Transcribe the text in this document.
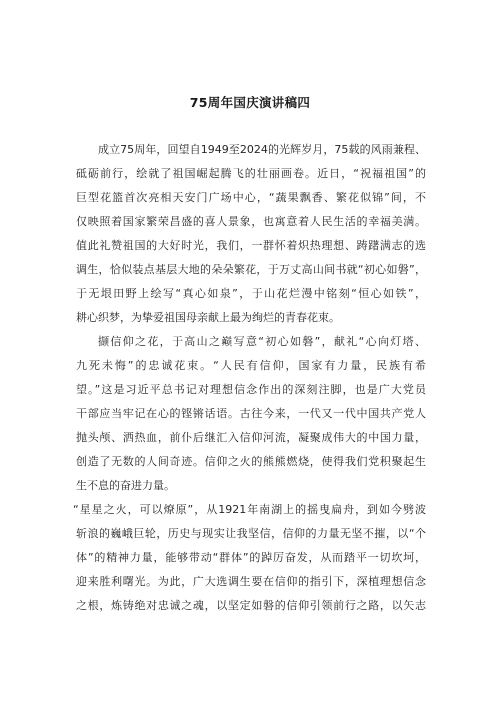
75周年国庆演讲稿四
成立75周年，回望自1949至2024的光辉岁月，75载的风雨兼程、
砥砺前行，绘就了祖国崛起腾飞的壮丽画卷。近日，“祝福祖国”的
巨型花篮首次亮相天安门广场中心，“蔬果飘香、繁花似锦”间，不
仅映照着国家繁荣昌盛的喜人景象，也寓意着人民生活的幸福美满。
值此礼赞祖国的大好时光，我们，一群怀着炽热理想、踌躇满志的选
调生，恰似装点基层大地的朵朵繁花，于万丈高山间书就“初心如磐”，
于无垠田野上绘写“真心如泉”，于山花烂漫中铭刻“恒心如铁”，
耕心织梦，为挚爱祖国母亲献上最为绚烂的青春花束。
撷信仰之花，于高山之巅写意“初心如磐”，献礼“心向灯塔、
九死未悔”的忠诚花束。“人民有信仰，国家有力量，民族有希
望。”这是习近平总书记对理想信念作出的深刻注脚，也是广大党员
干部应当牢记在心的铿锵话语。古往今来，一代又一代中国共产党人
抛头颅、洒热血，前仆后继汇入信仰河流，凝聚成伟大的中国力量，
创造了无数的人间奇迹。信仰之火的熊熊燃烧，使得我们党积聚起生
生不息的奋进力量。
“星星之火，可以燎原”，从1921年南湖上的摇曳扁舟，到如今劈波
斩浪的巍峨巨轮，历史与现实让我坚信，信仰的力量无坚不摧，以“个
体”的精神力量，能够带动“群体”的踔厉奋发，从而踏平一切坎坷，
迎来胜利曙光。为此，广大选调生要在信仰的指引下，深植理想信念
之根，炼铸绝对忠诚之魂，以坚定如磐的信仰引领前行之路，以矢志
